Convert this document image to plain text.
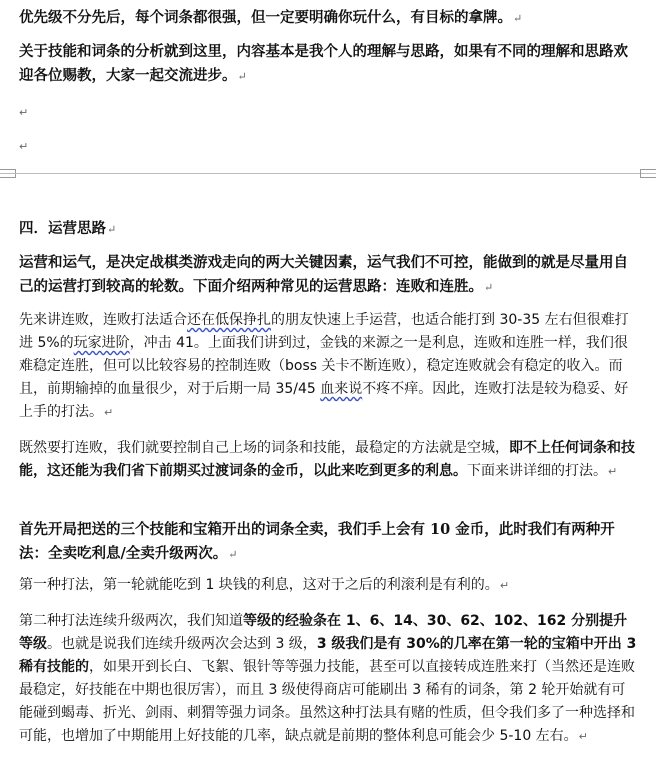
优先级不分先后，每个词条都很强，但一定要明确你玩什么，有目标的拿牌。↵

关于技能和词条的分析就到这里，内容基本是我个人的理解与思路，如果有不同的理解和思路欢迎各位赐教，大家一起交流进步。↵

↵
↵

四．运营思路↵

运营和运气，是决定战棋类游戏走向的两大关键因素，运气我们不可控，能做到的就是尽量用自己的运营打到较高的轮数。下面介绍两种常见的运营思路：连败和连胜。↵

先来讲连败，连败打法适合还在低保挣扎的朋友快速上手运营，也适合能打到 30-35 左右但很难打进 5%的玩家进阶，冲击 41。上面我们讲到过，金钱的来源之一是利息，连败和连胜一样，我们很难稳定连胜，但可以比较容易的控制连败（boss 关卡不断连败），稳定连败就会有稳定的收入。而且，前期输掉的血量很少，对于后期一局 35/45 血来说不疼不痒。因此，连败打法是较为稳妥、好上手的打法。↵

既然要打连败，我们就要控制自己上场的词条和技能，最稳定的方法就是空城，即不上任何词条和技能，这还能为我们省下前期买过渡词条的金币，以此来吃到更多的利息。下面来讲详细的打法。↵

首先开局把送的三个技能和宝箱开出的词条全卖，我们手上会有 10 金币，此时我们有两种开法：全卖吃利息/全卖升级两次。↵

第一种打法，第一轮就能吃到 1 块钱的利息，这对于之后的利滚利是有利的。↵

第二种打法连续升级两次，我们知道等级的经验条在 1、6、14、30、62、102、162 分别提升等级。也就是说我们连续升级两次会达到 3 级，3 级我们是有 30%的几率在第一轮的宝箱中开出 3 稀有技能的，如果开到长白、飞絮、银针等等强力技能，甚至可以直接转成连胜来打（当然还是连败最稳定，好技能在中期也很厉害），而且 3 级使得商店可能刷出 3 稀有的词条，第 2 轮开始就有可能碰到蝎毒、折光、剑雨、刺猬等强力词条。虽然这种打法具有赌的性质，但令我们多了一种选择和可能，也增加了中期能用上好技能的几率，缺点就是前期的整体利息可能会少 5-10 左右。↵
